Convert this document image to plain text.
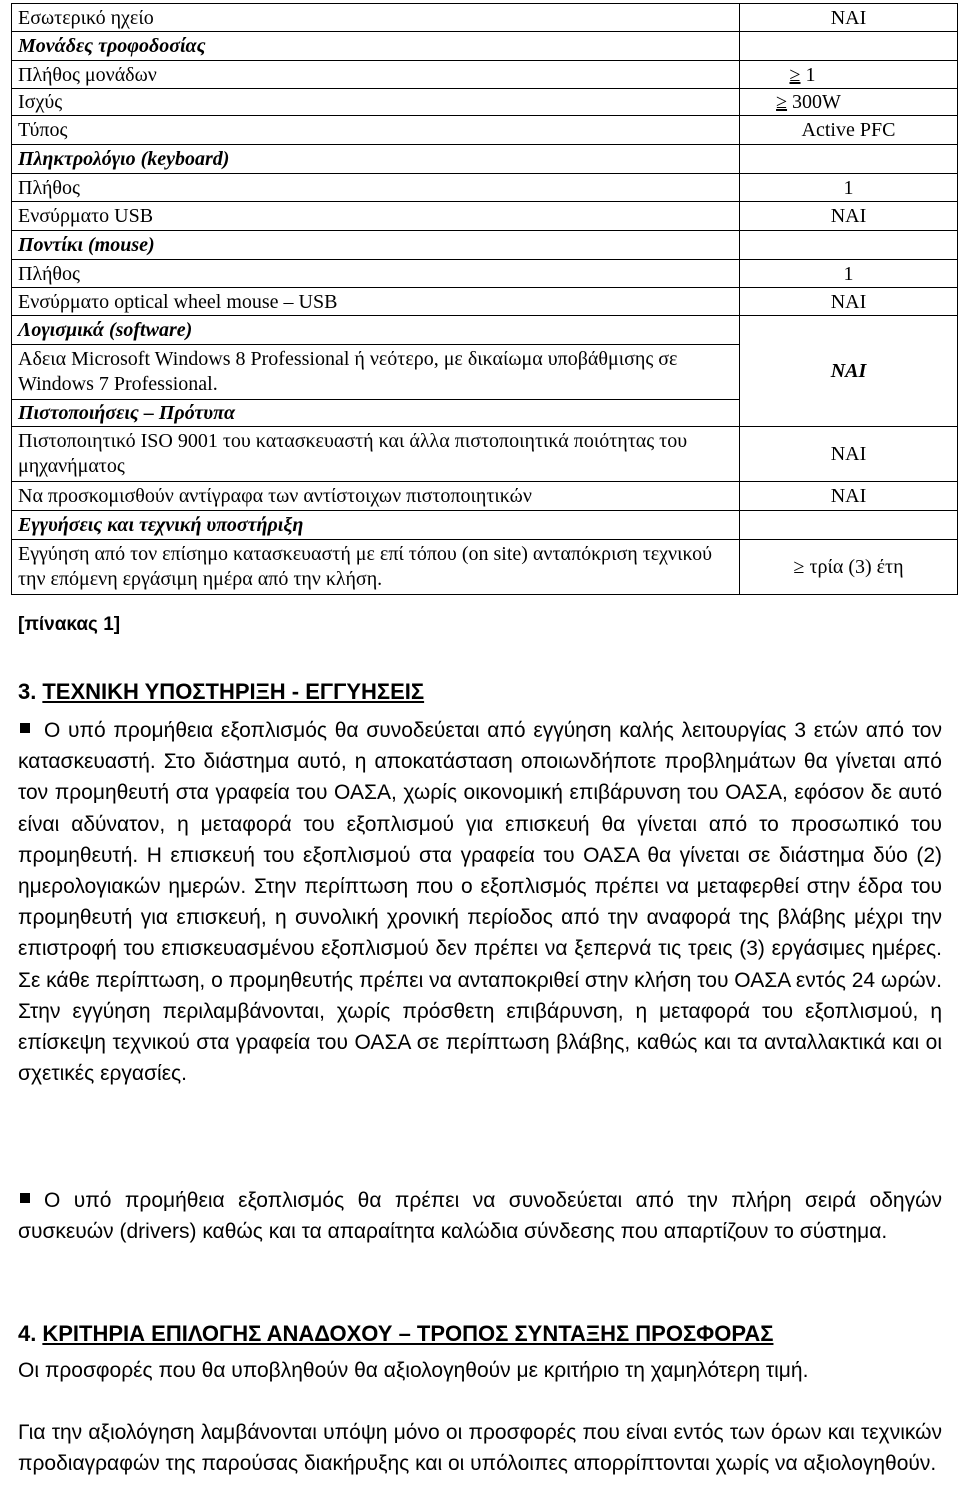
Εσωτερικό ηχείο	ΝΑΙ
Μονάδες τροφοδοσίας	
Πλήθος μονάδων	≥ 1
Ισχύς	≥ 300W
Τύπος	Active PFC
Πληκτρολόγιο (keyboard)	
Πλήθος	1
Ενσύρματο USB	ΝΑΙ
Ποντίκι (mouse)	
Πλήθος	1
Ενσύρματο optical wheel mouse – USB	ΝΑΙ
Λογισμικά (software)	ΝΑΙ
Αδεια Microsoft Windows 8 Professional ή νεότερο, με δικαίωμα υποβάθμισης σε Windows 7 Professional.	
Πιστοποιήσεις – Πρότυπα	
Πιστοποιητικό ISO 9001 του κατασκευαστή και άλλα πιστοποιητικά ποιότητας του μηχανήματος	ΝΑΙ
Να προσκομισθούν αντίγραφα των αντίστοιχων πιστοποιητικών	ΝΑΙ
Εγγυήσεις και τεχνική υποστήριξη	
Εγγύηση από τον επίσημο κατασκευαστή με επί τόπου (on site) ανταπόκριση τεχνικού την επόμενη εργάσιμη ημέρα από την κλήση.	≥ τρία (3) έτη
[πίνακας 1]
3. ΤΕΧΝΙΚΗ ΥΠΟΣΤΗΡΙΞΗ - ΕΓΓΥΗΣΕΙΣ
Ο υπό προμήθεια εξοπλισμός θα συνοδεύεται από εγγύηση καλής λειτουργίας 3 ετών από τον κατασκευαστή. Στο διάστημα αυτό, η αποκατάσταση οποιωνδήποτε προβλημάτων θα γίνεται από τον προμηθευτή στα γραφεία του ΟΑΣΑ, χωρίς οικονομική επιβάρυνση του ΟΑΣΑ, εφόσον δε αυτό είναι αδύνατον, η μεταφορά του εξοπλισμού για επισκευή θα γίνεται από το προσωπικό του προμηθευτή. Η επισκευή του εξοπλισμού στα γραφεία του ΟΑΣΑ θα γίνεται σε διάστημα δύο (2) ημερολογιακών ημερών. Στην περίπτωση που ο εξοπλισμός πρέπει να μεταφερθεί στην έδρα του προμηθευτή για επισκευή, η συνολική χρονική περίοδος από την αναφορά της βλάβης μέχρι την επιστροφή του επισκευασμένου εξοπλισμού δεν πρέπει να ξεπερνά τις τρεις (3) εργάσιμες ημέρες. Σε κάθε περίπτωση, ο προμηθευτής πρέπει να ανταποκριθεί στην κλήση του ΟΑΣΑ εντός 24 ωρών. Στην εγγύηση περιλαμβάνονται, χωρίς πρόσθετη επιβάρυνση, η μεταφορά του εξοπλισμού, η επίσκεψη τεχνικού στα γραφεία του ΟΑΣΑ σε περίπτωση βλάβης, καθώς και τα ανταλλακτικά και οι σχετικές εργασίες.
Ο υπό προμήθεια εξοπλισμός θα πρέπει να συνοδεύεται από την πλήρη σειρά οδηγών συσκευών (drivers) καθώς και τα απαραίτητα καλώδια σύνδεσης που απαρτίζουν το σύστημα.
4. ΚΡΙΤΗΡΙΑ ΕΠΙΛΟΓΗΣ ΑΝΑΔΟΧΟΥ – ΤΡΟΠΟΣ ΣΥΝΤΑΞΗΣ ΠΡΟΣΦΟΡΑΣ
Οι προσφορές που θα υποβληθούν θα αξιολογηθούν με κριτήριο τη χαμηλότερη τιμή.
Για την αξιολόγηση λαμβάνονται υπόψη μόνο οι προσφορές που είναι εντός των όρων και τεχνικών προδιαγραφών της παρούσας διακήρυξης και οι υπόλοιπες απορρίπτονται χωρίς να αξιολογηθούν.
